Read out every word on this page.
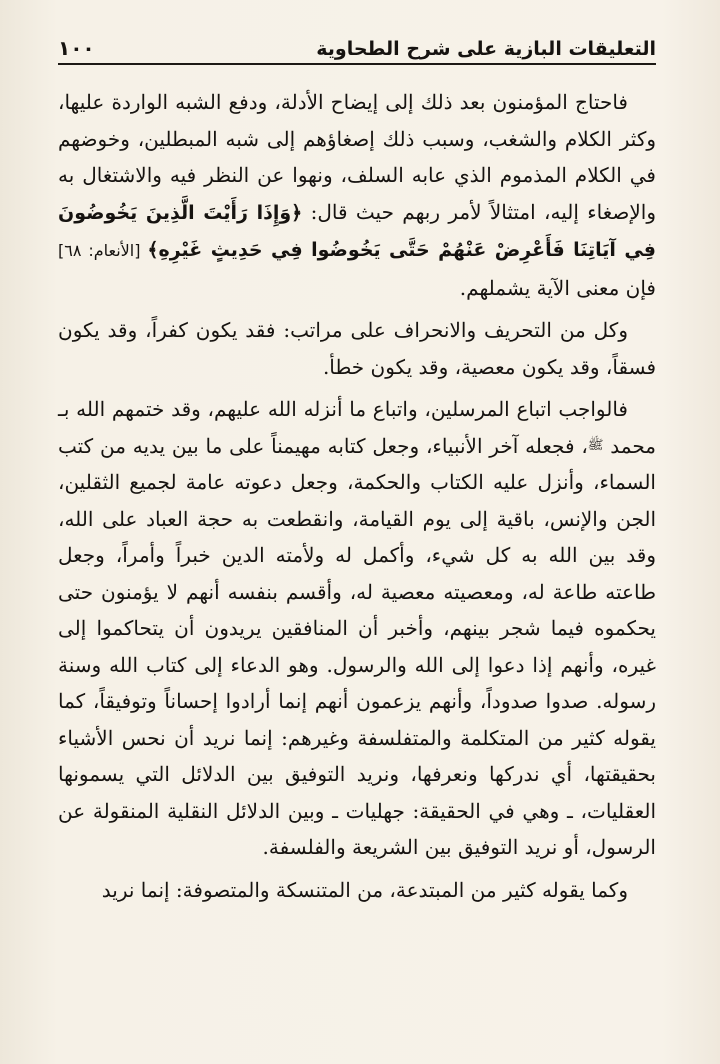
التعليقات البازية على شرح الطحاوية
١٠٠

فاحتاج المؤمنون بعد ذلك إلى إيضاح الأدلة، ودفع الشبه الواردة عليها، وكثر الكلام والشغب، وسبب ذلك إصغاؤهم إلى شبه المبطلين، وخوضهم في الكلام المذموم الذي عابه السلف، ونهوا عن النظر فيه والاشتغال به والإصغاء إليه، امتثالاً لأمر ربهم حيث قال: ﴿وَإِذَا رَأَيْتَ الَّذِينَ يَخُوضُونَ فِي آيَاتِنَا فَأَعْرِضْ عَنْهُمْ حَتَّى يَخُوضُوا فِي حَدِيثٍ غَيْرِهِ﴾ [الأنعام: ٦٨] فإن معنى الآية يشملهم.

وكل من التحريف والانحراف على مراتب: فقد يكون كفراً، وقد يكون فسقاً، وقد يكون معصية، وقد يكون خطأ.

فالواجب اتباع المرسلين، واتباع ما أنزله الله عليهم، وقد ختمهم الله بـ محمد $^ﷺ$، فجعله آخر الأنبياء، وجعل كتابه مهيمناً على ما بين يديه من كتب السماء، وأنزل عليه الكتاب والحكمة، وجعل دعوته عامة لجميع الثقلين، الجن والإنس، باقية إلى يوم القيامة، وانقطعت به حجة العباد على الله، وقد بين الله به كل شيء، وأكمل له ولأمته الدين خبراً وأمراً، وجعل طاعته طاعة له، ومعصيته معصية له، وأقسم بنفسه أنهم لا يؤمنون حتى يحكموه فيما شجر بينهم، وأخبر أن المنافقين يريدون أن يتحاكموا إلى غيره، وأنهم إذا دعوا إلى الله والرسول. وهو الدعاء إلى كتاب الله وسنة رسوله. صدوا صدوداً، وأنهم يزعمون أنهم إنما أرادوا إحساناً وتوفيقاً، كما يقوله كثير من المتكلمة والمتفلسفة وغيرهم: إنما نريد أن نحس الأشياء بحقيقتها، أي ندركها ونعرفها، ونريد التوفيق بين الدلائل التي يسمونها العقليات، ـ وهي في الحقيقة: جهليات ـ وبين الدلائل النقلية المنقولة عن الرسول، أو نريد التوفيق بين الشريعة والفلسفة.

وكما يقوله كثير من المبتدعة، من المتنسكة والمتصوفة: إنما نريد
